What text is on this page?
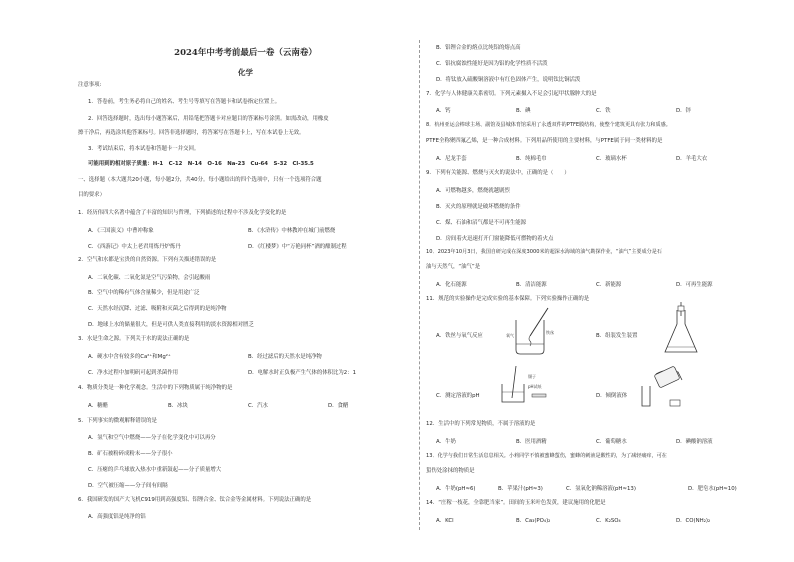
2024年中考考前最后一卷（云南卷）
化学
注意事项:
1．答卷前，考生务必将自己的姓名、考生号等填写在答题卡和试卷指定位置上。
2．回答选择题时，选出每小题答案后，用铅笔把答题卡对应题目的答案标号涂黑。如需改动，用橡皮
擦干净后，再选涂其他答案标号。回答非选择题时，将答案写在答题卡上，写在本试卷上无效。
3．考试结束后，将本试卷和答题卡一并交回。
可能用到的相对原子质量：H-1　C-12　N-14　O-16　Na-23　Cu-64　S-32　Cl-35.5
一、选择题（本大题共20小题，每小题2分，共40分。每小题给出的四个选项中，只有一个选项符合题
目的要求）
1．经历伟四大名著中蕴含了丰富的知识与哲理，下列描述的过程中不涉及化学变化的是
A．《三国演义》中曹冲称象	B．《水浒传》中林教冲在城门前燃烧
C．《西游记》中太上老君用炼丹炉炼丹	D．《红楼梦》中“万艳同杯”酒的酿制过程
2．空气和水都是宝贵的自然资源。下列有关描述错误的是
A．二氧化碳、二氧化氮是空气污染物，会引起酸雨
B．空气中的稀有气体含量稀少，但是用途广泛
C．天然水经沉降、过滤、吸附和灭菌之后得到的是纯净物
D．地球上水的储量很大，但是可供人类直接利用的淡水资源相对匮乏
3．水是生命之源。下列关于水的说法正确的是
A．硬水中含有较多的Ca²⁺和Mg²⁺	B．经过滤后的天然水是纯净物
C．净水过程中加明矾可起到杀菌作用	D．电解水时正负极产生气体的体积比为2：1
4．物质分类是一种化学观念。生活中的下列物质属于纯净物的是
A．糖醋	B．冰块	C．汽水	D．食醋
5．下列事实的微观解释错误的是
A．氢气和空气中燃烧——分子在化学变化中可以再分
B．矿石被粉碎成粉末——分子很小
C．压瘪的乒乓球放入热水中重新鼓起——分子质量增大
D．空气被压缩——分子间有间隔
6．我国研发的国产大飞机C919用到高强度铝、铝锂合金、钛合金等金属材料。下列说法正确的是
A．高强度铝是纯净的铝
B．铝锂合金的熔点比纯铝的熔点高
C．铝抗腐蚀性能好是因为铝的化学性质不活泼
D．将钛放入硫酸铜溶液中有红色固体产生，说明钛比铜活泼
7．化学与人体健康关系密切。下列元素摄入不足会引起甲状腺肿大的是
A．钙	B．碘	C．铁	D．锌
8．杭州亚运会棒球主场、副馆及县城体育馆采用了永透双件的PTFE膜结构，使整个建筑更具有张力和质感。
PTFE全称聚四氟乙烯，是一种合成材料。下列用品所使用的主要材料，与PTFE属于同一类材料的是
A．尼龙手套	B．纯棉毛巾	C．玻璃水杯	D．羊毛大衣
9．下列有关能源、燃烧与灭火的说法中，正确的是（　　）
A．可燃物越多，燃烧就越剧烈
B．灭火的原理就是破坏燃烧的条件
C．煤、石油和沼气都是不可再生能源
D．房间着火迅速打开门窗能降低可燃物的着火点
10．2023年10月3日，我国自研完成在深度3000米的超深水海域的油气勘探作业，“油气”主要成分是石
油与天然气，“油气”是
A．化石能源	B．清洁能源	C．新能源	D．可再生能源
11．规范的实验操作是完成实验的基本保障。下列实验操作正确的是
A．铁丝与氧气反应	氧气
铁丝
B．组装发生装置
C．测定溶液的pH
镊子
pH试纸
D．倾倒液体
12．生活中的下列常见物质，不属于溶液的是
A．牛奶	B．医用酒精	C．葡萄糖水	D．碘酸钠溶液
13．化学与我们日常生活息息相关。小莉同学不慎被蜜蜂蜇伤，蜜蜂的刺液是酸性的，为了减轻痛痒，可在
蜇伤处涂抹的物质是
A．牛奶(pH≈6)	B．苹果汁(pH≈3)	C．氢氧化钠稀溶液(pH≈13)	D．肥皂水(pH≈10)
14．“庄稼一枝花，全靠肥当家”。田间的玉米叶色发黄，建议施用的化肥是
A．KCl	B．Ca₃(PO₄)₂	C．K₂SO₄	D．CO(NH₂)₂
